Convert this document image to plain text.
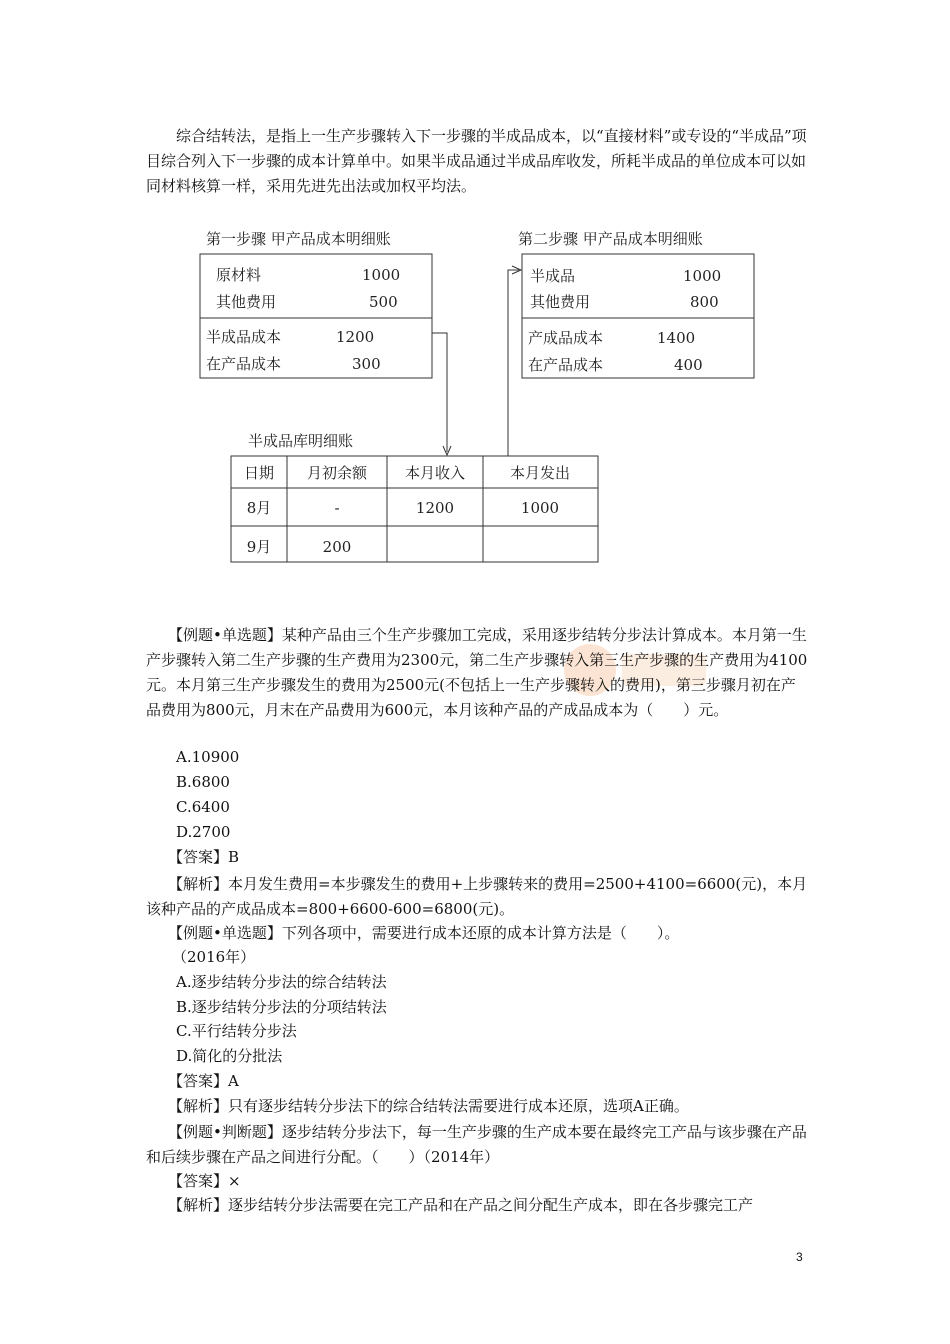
综合结转法，是指上一生产步骤转入下一步骤的半成品成本，以“直接材料”或专设的“半成品”项目综合列入下一步骤的成本计算单中。如果半成品通过半成品库收发，所耗半成品的单位成本可以如同材料核算一样，采用先进先出法或加权平均法。

第一步骤 甲产品成本明细账
原材料	1000
其他费用	500
半成品成本	1200
在产品成本	300
第二步骤 甲产品成本明细账
半成品	1000
其他费用	800
产成品成本	1400
在产品成本	400
半成品库明细账
日期 月初余额	本月收入	本月发出
8月	-	1200	1000
9月	200

【例题•单选题】某种产品由三个生产步骤加工完成，采用逐步结转分步法计算成本。本月第一生产步骤转入第二生产步骤的生产费用为2300元，第二生产步骤转入第三生产步骤的生产费用为4100元。本月第三生产步骤发生的费用为2500元(不包括上一生产步骤转入的费用)，第三步骤月初在产品费用为800元，月末在产品费用为600元，本月该种产品的产成品成本为（　　）元。

A.10900
B.6800
C.6400
D.2700
【答案】B

【解析】本月发生费用=本步骤发生的费用+上步骤转来的费用=2500+4100=6600(元)，本月该种产品的产成品成本=800+6600-600=6800(元)。

【例题•单选题】下列各项中，需要进行成本还原的成本计算方法是（　　）。
（2016年）
A.逐步结转分步法的综合结转法
B.逐步结转分步法的分项结转法
C.平行结转分步法
D.简化的分批法
【答案】A
【解析】只有逐步结转分步法下的综合结转法需要进行成本还原，选项A正确。

【例题•判断题】逐步结转分步法下，每一生产步骤的生产成本要在最终完工产品与该步骤在产品和后续步骤在产品之间进行分配。（　　）（2014年）

【答案】×
【解析】逐步结转分步法需要在完工产品和在产品之间分配生产成本，即在各步骤完工产
3
